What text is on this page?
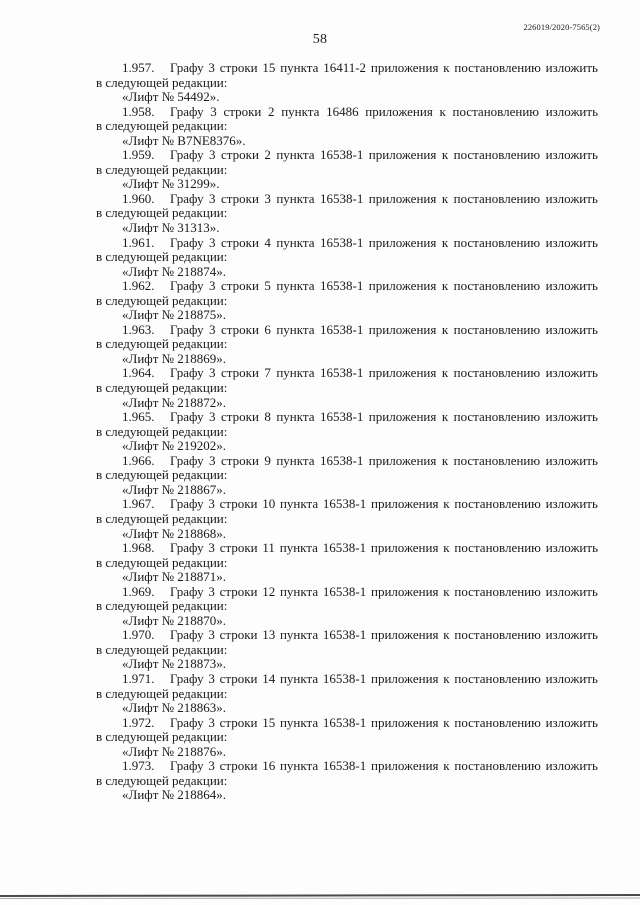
226019/2020-7565(2)
58

1.957.	Графу 3 строки 15 пункта 16411-2 приложения к постановлению изложить

в следующей редакции:

«Лифт № 54492».

1.958.	Графу 3 строки 2 пункта 16486 приложения к постановлению изложить

в следующей редакции:

«Лифт № B7NE8376».

1.959.	Графу 3 строки 2 пункта 16538-1 приложения к постановлению изложить

в следующей редакции:

«Лифт № 31299».

1.960.	Графу 3 строки 3 пункта 16538-1 приложения к постановлению изложить

в следующей редакции:

«Лифт № 31313».

1.961.	Графу 3 строки 4 пункта 16538-1 приложения к постановлению изложить

в следующей редакции:

«Лифт № 218874».

1.962.	Графу 3 строки 5 пункта 16538-1 приложения к постановлению изложить

в следующей редакции:

«Лифт № 218875».

1.963.	Графу 3 строки 6 пункта 16538-1 приложения к постановлению изложить

в следующей редакции:

«Лифт № 218869».

1.964.	Графу 3 строки 7 пункта 16538-1 приложения к постановлению изложить

в следующей редакции:

«Лифт № 218872».

1.965.	Графу 3 строки 8 пункта 16538-1 приложения к постановлению изложить

в следующей редакции:

«Лифт № 219202».

1.966.	Графу 3 строки 9 пункта 16538-1 приложения к постановлению изложить

в следующей редакции:

«Лифт № 218867».

1.967.	Графу 3 строки 10 пункта 16538-1 приложения к постановлению изложить

в следующей редакции:

«Лифт № 218868».

1.968.	Графу 3 строки 11 пункта 16538-1 приложения к постановлению изложить

в следующей редакции:

«Лифт № 218871».

1.969.	Графу 3 строки 12 пункта 16538-1 приложения к постановлению изложить

в следующей редакции:

«Лифт № 218870».

1.970.	Графу 3 строки 13 пункта 16538-1 приложения к постановлению изложить

в следующей редакции:

«Лифт № 218873».

1.971.	Графу 3 строки 14 пункта 16538-1 приложения к постановлению изложить

в следующей редакции:

«Лифт № 218863».

1.972.	Графу 3 строки 15 пункта 16538-1 приложения к постановлению изложить

в следующей редакции:

«Лифт № 218876».

1.973.	Графу 3 строки 16 пункта 16538-1 приложения к постановлению изложить

в следующей редакции:

«Лифт № 218864».
